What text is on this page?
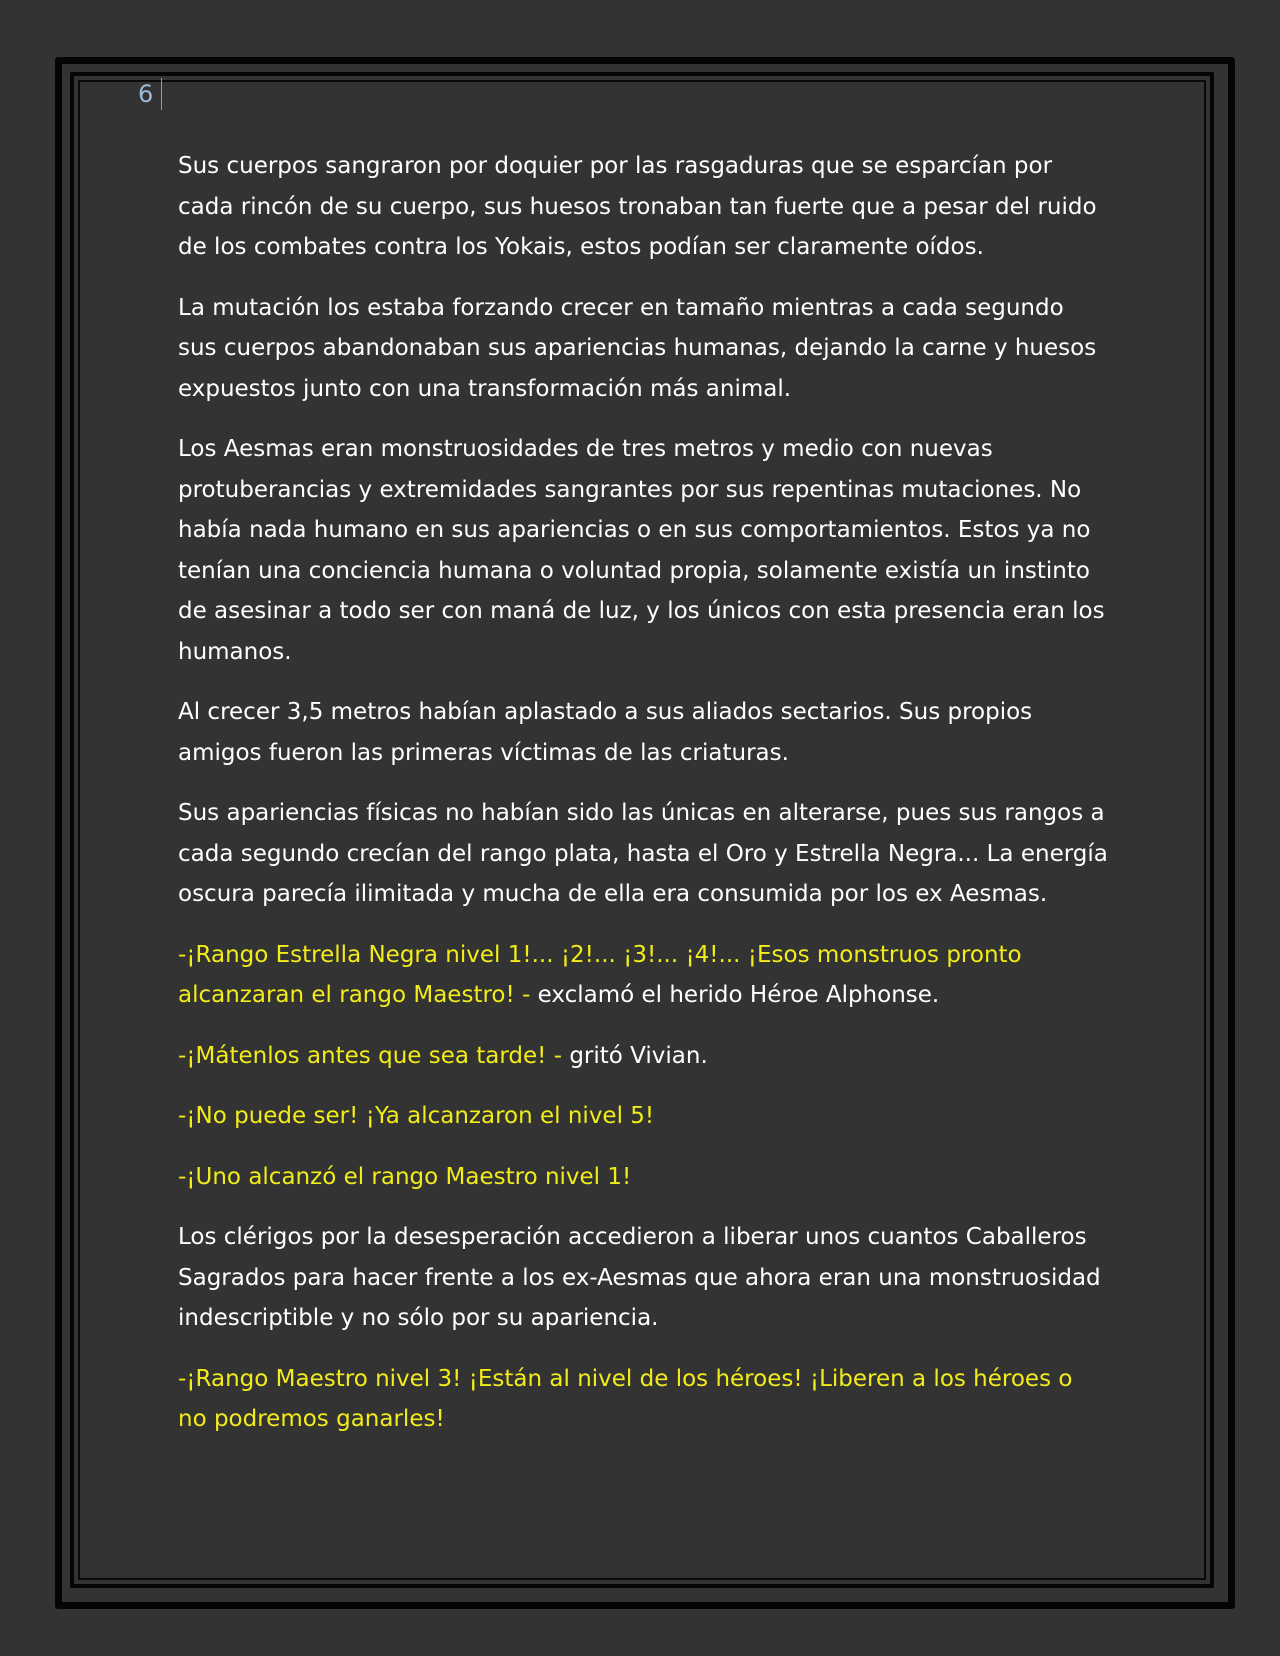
6

Sus cuerpos sangraron por doquier por las rasgaduras que se esparcían por cada rincón de su cuerpo, sus huesos tronaban tan fuerte que a pesar del ruido de los combates contra los Yokais, estos podían ser claramente oídos.

La mutación los estaba forzando crecer en tamaño mientras a cada segundo sus cuerpos abandonaban sus apariencias humanas, dejando la carne y huesos expuestos junto con una transformación más animal.

Los Aesmas eran monstruosidades de tres metros y medio con nuevas protuberancias y extremidades sangrantes por sus repentinas mutaciones. No había nada humano en sus apariencias o en sus comportamientos. Estos ya no tenían una conciencia humana o voluntad propia, solamente existía un instinto de asesinar a todo ser con maná de luz, y los únicos con esta presencia eran los humanos.

Al crecer 3,5 metros habían aplastado a sus aliados sectarios. Sus propios amigos fueron las primeras víctimas de las criaturas.

Sus apariencias físicas no habían sido las únicas en alterarse, pues sus rangos a cada segundo crecían del rango plata, hasta el Oro y Estrella Negra... La energía oscura parecía ilimitada y mucha de ella era consumida por los ex Aesmas.

-¡Rango Estrella Negra nivel 1!... ¡2!... ¡3!... ¡4!... ¡Esos monstruos pronto alcanzaran el rango Maestro! - exclamó el herido Héroe Alphonse.

-¡Mátenlos antes que sea tarde! - gritó Vivian.

-¡No puede ser! ¡Ya alcanzaron el nivel 5!

-¡Uno alcanzó el rango Maestro nivel 1!

Los clérigos por la desesperación accedieron a liberar unos cuantos Caballeros Sagrados para hacer frente a los ex-Aesmas que ahora eran una monstruosidad indescriptible y no sólo por su apariencia.

-¡Rango Maestro nivel 3! ¡Están al nivel de los héroes! ¡Liberen a los héroes o no podremos ganarles!
